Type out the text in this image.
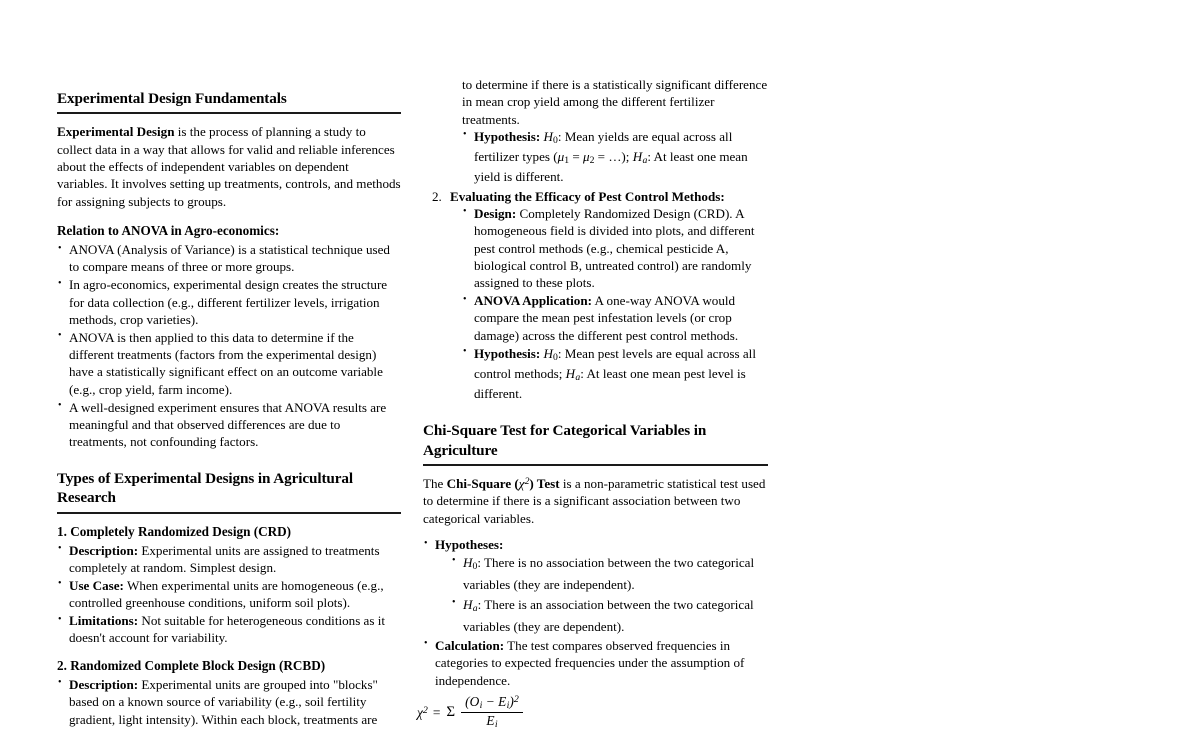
Experimental Design Fundamentals

Experimental Design is the process of planning a study to collect data in a way that allows for valid and reliable inferences about the effects of independent variables on dependent variables. It involves setting up treatments, controls, and methods for assigning subjects to groups.

Relation to ANOVA in Agro-economics:
• ANOVA (Analysis of Variance) is a statistical technique used to compare means of three or more groups.
• In agro-economics, experimental design creates the structure for data collection (e.g., different fertilizer levels, irrigation methods, crop varieties).
• ANOVA is then applied to this data to determine if the different treatments (factors from the experimental design) have a statistically significant effect on an outcome variable (e.g., crop yield, farm income).
• A well-designed experiment ensures that ANOVA results are meaningful and that observed differences are due to treatments, not confounding factors.
Types of Experimental Designs in Agricultural Research
1. Completely Randomized Design (CRD)
• Description: Experimental units are assigned to treatments completely at random. Simplest design.
• Use Case: When experimental units are homogeneous (e.g., controlled greenhouse conditions, uniform soil plots).
• Limitations: Not suitable for heterogeneous conditions as it doesn't account for variability.
2. Randomized Complete Block Design (RCBD)
• Description: Experimental units are grouped into "blocks" based on a known source of variability (e.g., soil fertility gradient, light intensity). Within each block, treatments are

to determine if there is a statistically significant difference in mean crop yield among the different fertilizer treatments.

• Hypothesis: H0: Mean yields are equal across all fertilizer types (μ1 = μ2 = …); Ha: At least one mean yield is different.
2. Evaluating the Efficacy of Pest Control Methods:
• Design: Completely Randomized Design (CRD). A homogeneous field is divided into plots, and different pest control methods (e.g., chemical pesticide A, biological control B, untreated control) are randomly assigned to these plots.
• ANOVA Application: A one-way ANOVA would compare the mean pest infestation levels (or crop damage) across the different pest control methods.
• Hypothesis: H0: Mean pest levels are equal across all control methods; Ha: At least one mean pest level is different.
Chi-Square Test for Categorical Variables in Agriculture

The Chi-Square $(\chi^2)$ Test is a non-parametric statistical test used to determine if there is a significant association between two categorical variables.

• Hypotheses:
• H0: There is no association between the two categorical variables (they are independent).
• Ha: There is an association between the two categorical variables (they are dependent).
• Calculation: The test compares observed frequencies in categories to expected frequencies under the assumption of independence.
$\chi^2 = \Sigma \frac{(Oi - Ei)^2}{Ei}$
